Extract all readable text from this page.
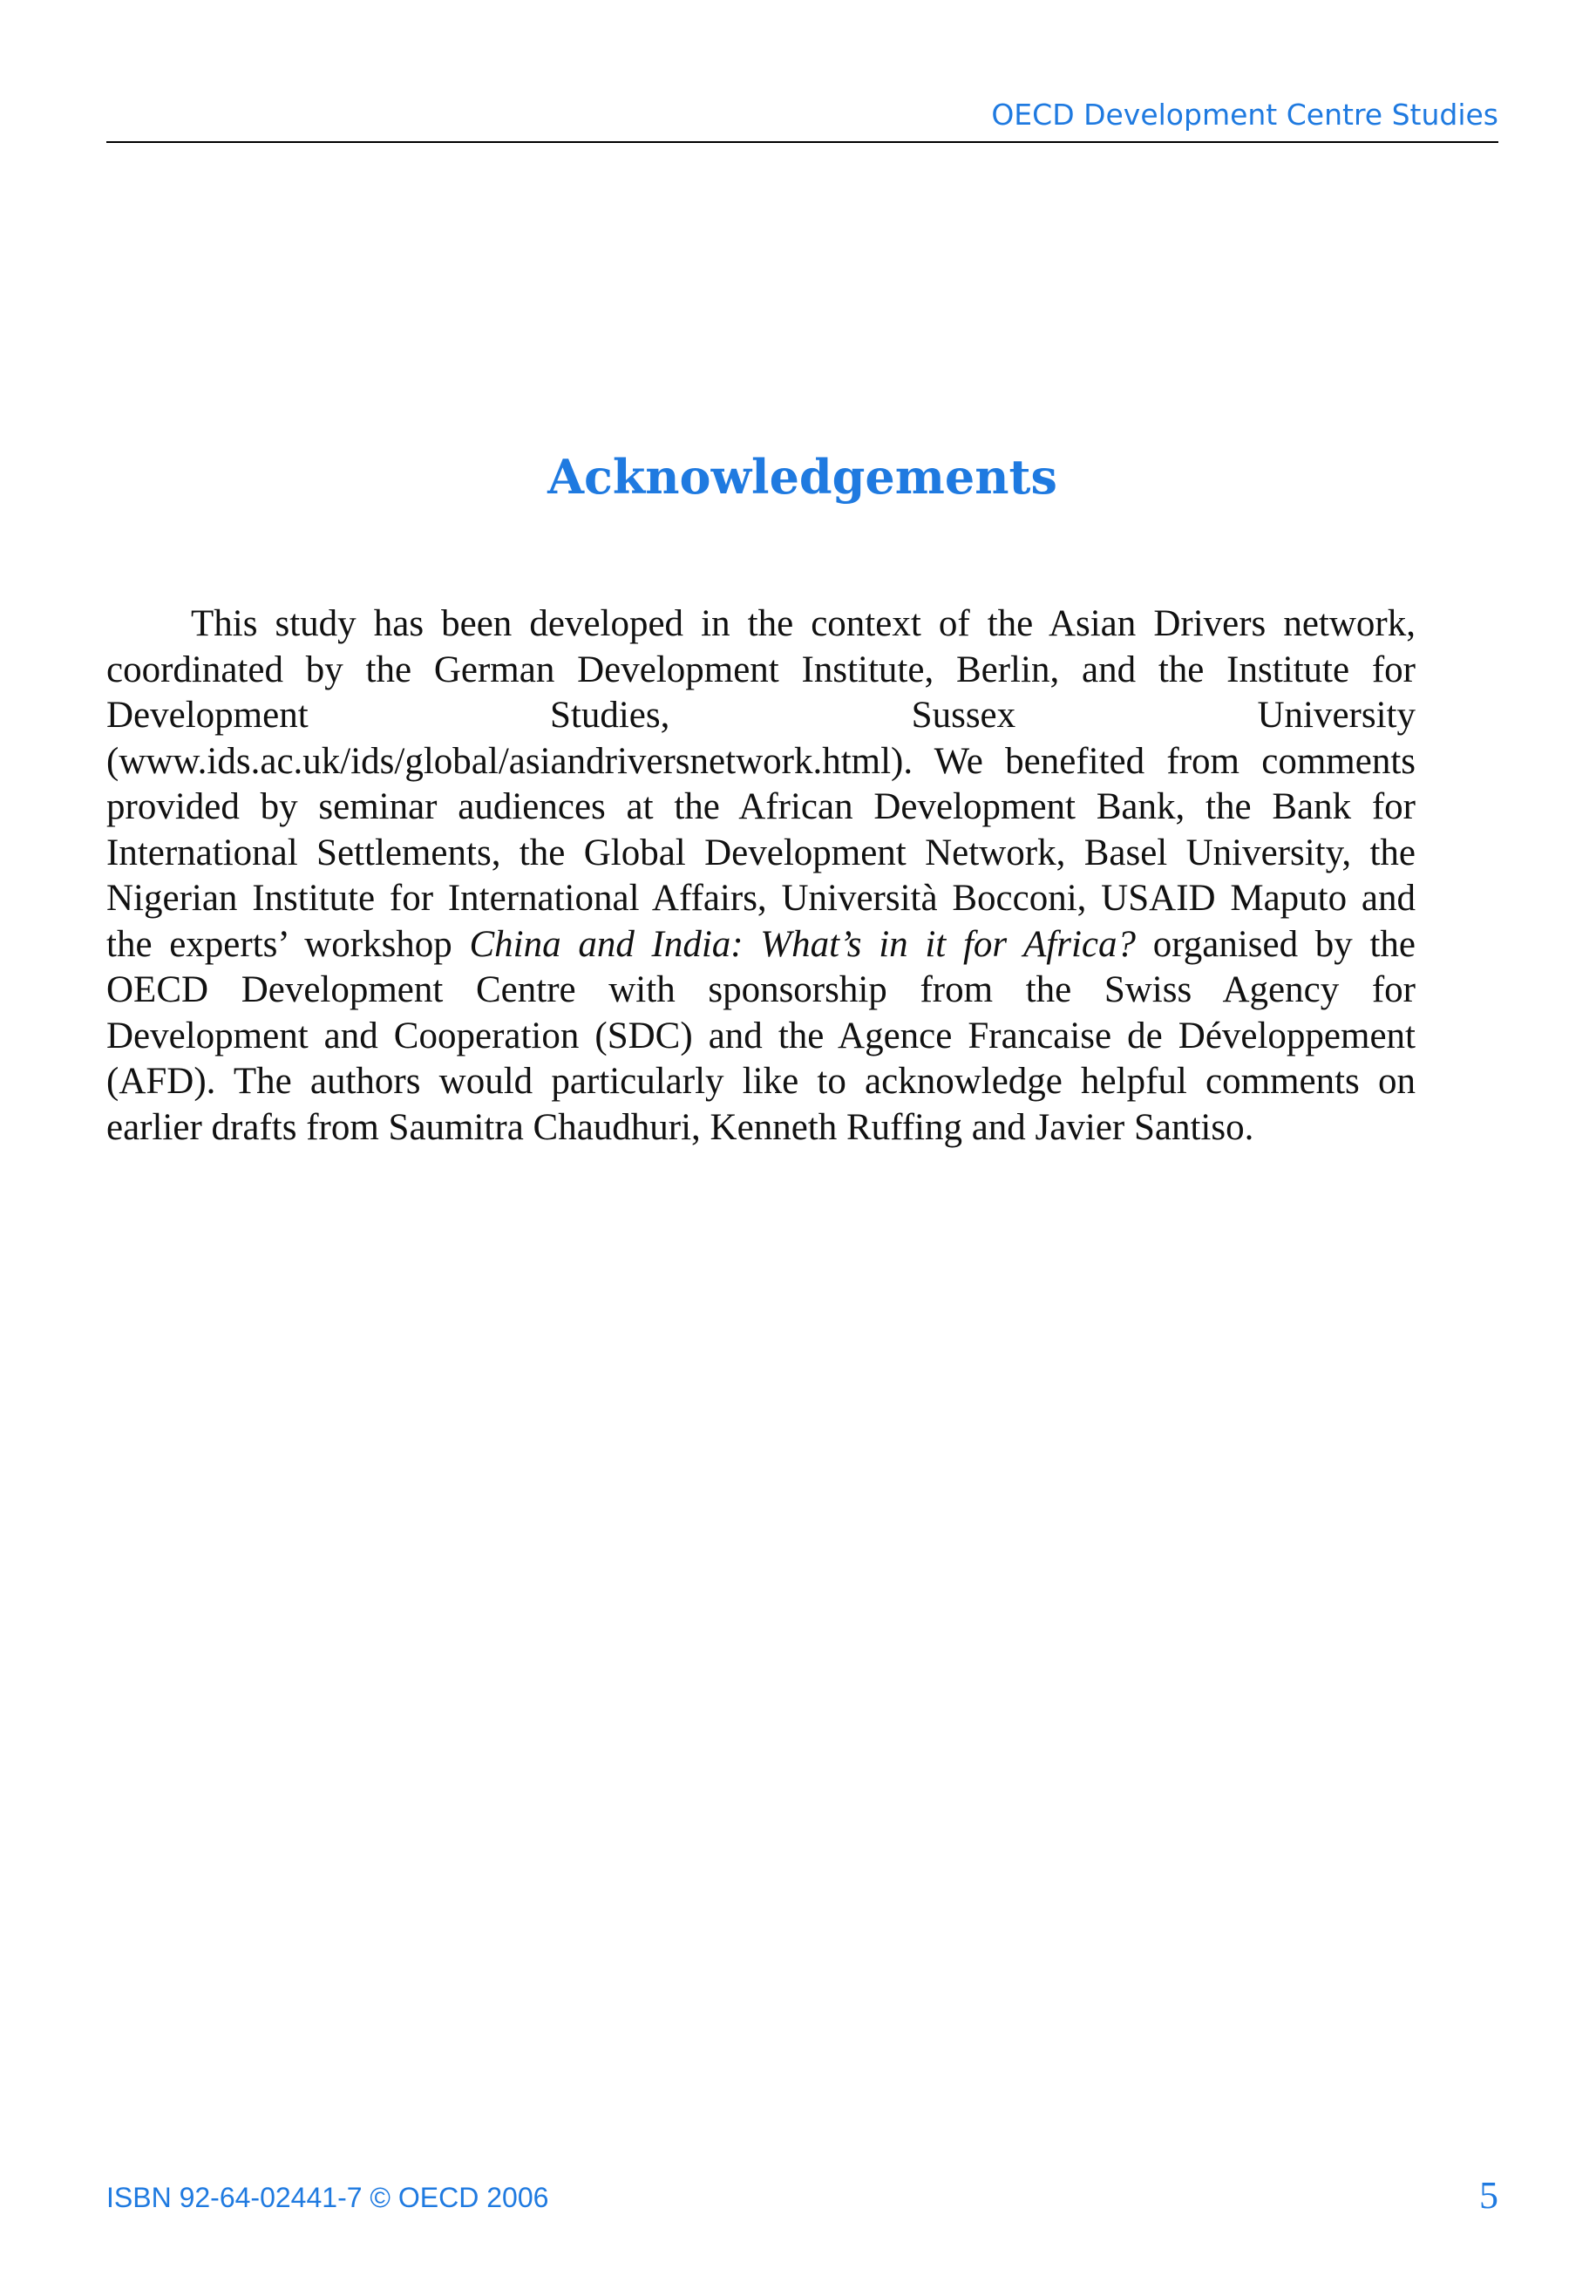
OECD Development Centre Studies
Acknowledgements

This study has been developed in the context of the Asian Drivers network, coordinated by the German Development Institute, Berlin, and the Institute for Development Studies, Sussex University (www.ids.ac.uk/ids/global/asiandriversnetwork.html). We benefited from comments provided by seminar audiences at the African Development Bank, the Bank for International Settlements, the Global Development Network, Basel University, the Nigerian Institute for International Affairs, Università Bocconi, USAID Maputo and the experts’ workshop China and India: What’s in it for Africa? organised by the OECD Development Centre with sponsorship from the Swiss Agency for Development and Cooperation (SDC) and the Agence Francaise de Développement (AFD). The authors would particularly like to acknowledge helpful comments on earlier drafts from Saumitra Chaudhuri, Kenneth Ruffing and Javier Santiso.

ISBN 92-64-02441-7 © OECD 2006	5
